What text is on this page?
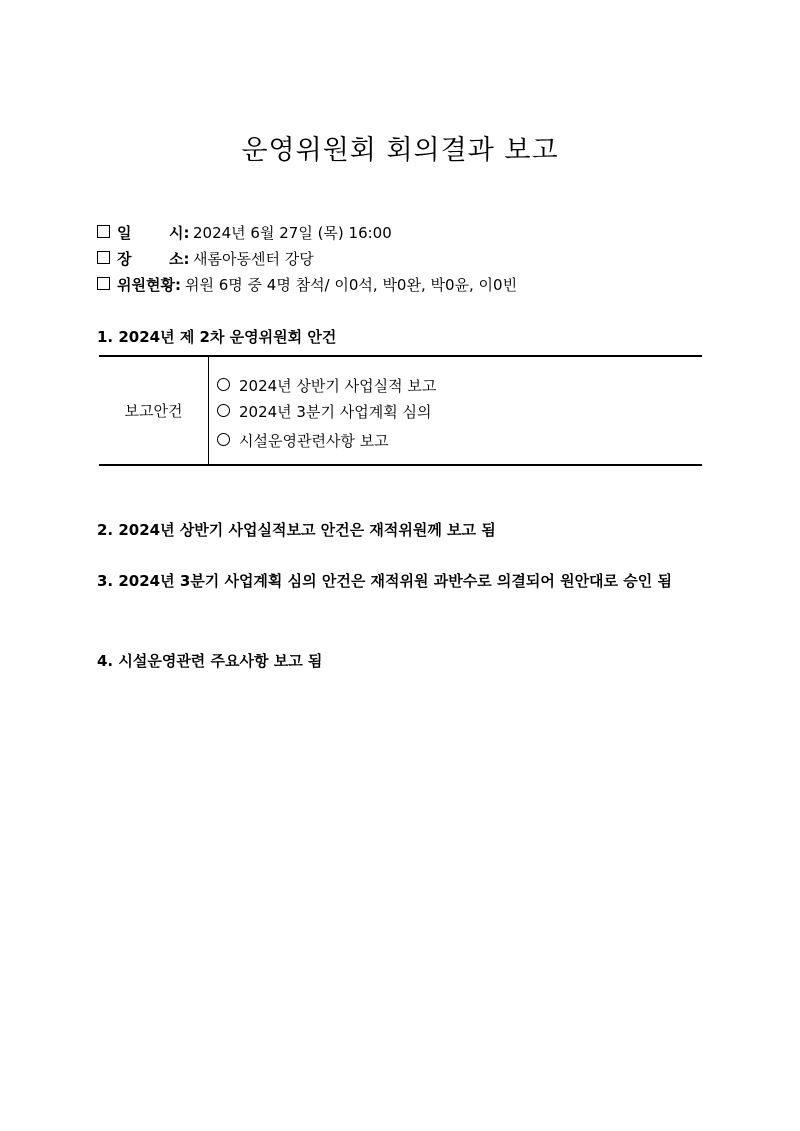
운영위원회 회의결과 보고
일	시: 2024년 6월 27일 (목) 16:00
장	소: 새롬아동센터 강당
위원현황: 위원 6명 중 4명 참석/ 이0석, 박0완, 박0윤, 이0빈
1. 2024년 제 2차 운영위원회 안건
보고안건
2024년 상반기 사업실적 보고
2024년 3분기 사업계획 심의
시설운영관련사항 보고
2. 2024년 상반기 사업실적보고 안건은 재적위원께 보고 됨
3. 2024년 3분기 사업계획 심의 안건은 재적위원 과반수로 의결되어 원안대로 승인 됨
4. 시설운영관련 주요사항 보고 됨
